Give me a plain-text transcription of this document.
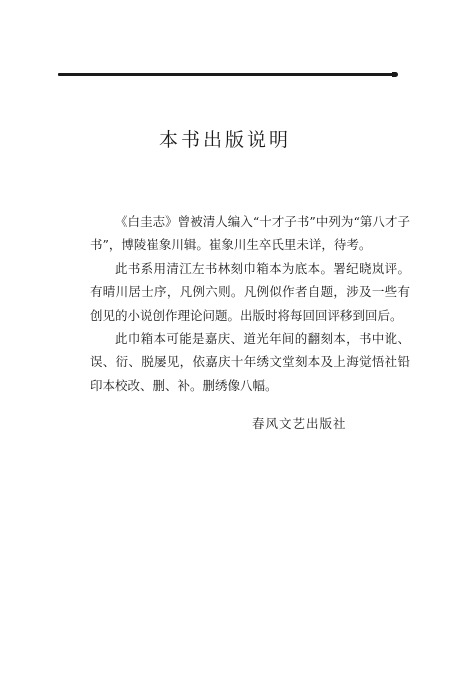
本书出版说明

《白圭志》曾被清人编入“十才子书”中列为“第八才子书”，博陵崔象川辑。崔象川生卒氏里未详，待考。

此书系用清江左书林刻巾箱本为底本。署纪晓岚评。有晴川居士序，凡例六则。凡例似作者自题，涉及一些有创见的小说创作理论问题。出版时将每回回评移到回后。

此巾箱本可能是嘉庆、道光年间的翻刻本，书中讹、误、衍、脱屡见，依嘉庆十年绣文堂刻本及上海觉悟社铅印本校改、删、补。删绣像八幅。

春风文艺出版社
